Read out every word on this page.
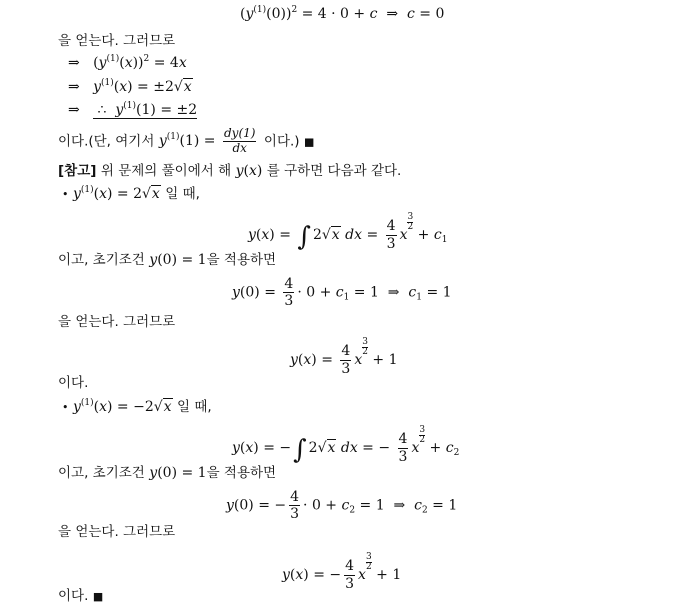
$(y^{(1)}(0))^2 = 4 \cdot 0 + c$  ⇒  c = 0
을 얻는다. 그러므로
⇒   $(y^{(1)}(x))^2 = 4x$
⇒   $y^{(1)}(x) = \pm 2√x$
⇒    ∴  $y^{(1)}(1) = \pm 2$
이다.(단, 여기서 $y^{(1)}(1) = \frac{dy(1)}{dx}$ 이다.) ■
[참고] 위 문제의 풀이에서 해 y(x) 를 구하면 다음과 같다.
• $y^{(1)}(x) = 2√x$ 일 때,
y(x) = ∫ 2√x dx = $\frac{4}{3}$ x
$\frac{3}{2}$
+ $c_1$
이고, 초기조건 y(0) = 1을 적용하면
$y(0) = \frac{4}{3} \cdot 0 + c_1 = 1$  ⇒  $c_1 = 1$
을 얻는다. 그러므로
$y(x) = \frac{4}{3}$ x
$\frac{3}{2}$
+ 1
이다.
• $y^{(1)}(x) = -2√x$ 일 때,
y(x) = −∫ 2√x dx = − $\frac{4}{3}$ x
$\frac{3}{2}$
+ $c_2$
이고, 초기조건 y(0) = 1을 적용하면
y(0) = − $\frac{4}{3} \cdot 0 + c_2 = 1$  ⇒  $c_2 = 1$
을 얻는다. 그러므로
y(x) = − $\frac{4}{3}$ x
$\frac{3}{2}$
+ 1
이다. ■
